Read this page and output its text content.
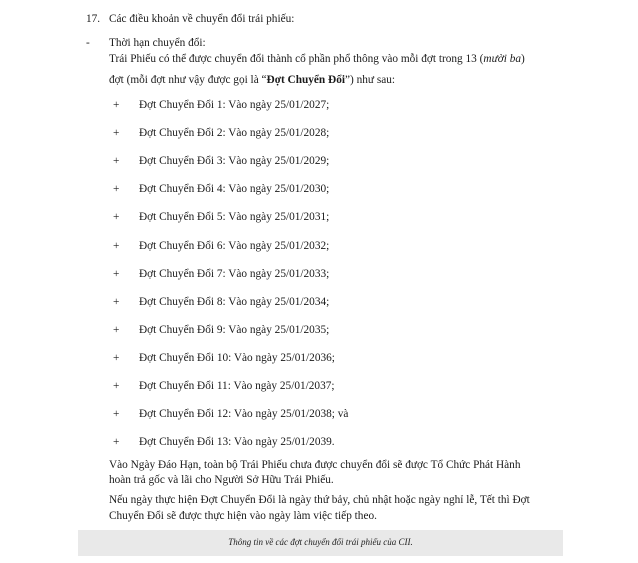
17. Các điều khoản về chuyển đổi trái phiếu:
- Thời hạn chuyển đổi:
Trái Phiếu có thể được chuyển đổi thành cổ phần phổ thông vào mỗi đợt trong 13 (mười ba)
đợt (mỗi đợt như vậy được gọi là “Đợt Chuyển Đổi”) như sau:
+ Đợt Chuyển Đổi 1: Vào ngày 25/01/2027;
+ Đợt Chuyển Đổi 2: Vào ngày 25/01/2028;
+ Đợt Chuyển Đổi 3: Vào ngày 25/01/2029;
+ Đợt Chuyển Đổi 4: Vào ngày 25/01/2030;
+ Đợt Chuyển Đổi 5: Vào ngày 25/01/2031;
+ Đợt Chuyển Đổi 6: Vào ngày 25/01/2032;
+ Đợt Chuyển Đổi 7: Vào ngày 25/01/2033;
+ Đợt Chuyển Đổi 8: Vào ngày 25/01/2034;
+ Đợt Chuyển Đổi 9: Vào ngày 25/01/2035;
+ Đợt Chuyển Đổi 10: Vào ngày 25/01/2036;
+ Đợt Chuyển Đổi 11: Vào ngày 25/01/2037;
+ Đợt Chuyển Đổi 12: Vào ngày 25/01/2038; và
+ Đợt Chuyển Đổi 13: Vào ngày 25/01/2039.
Vào Ngày Đáo Hạn, toàn bộ Trái Phiếu chưa được chuyển đổi sẽ được Tổ Chức Phát Hành
hoàn trả gốc và lãi cho Người Sở Hữu Trái Phiếu.
Nếu ngày thực hiện Đợt Chuyển Đổi là ngày thứ bảy, chủ nhật hoặc ngày nghỉ lễ, Tết thì Đợt
Chuyển Đổi sẽ được thực hiện vào ngày làm việc tiếp theo.
Thông tin về các đợt chuyển đổi trái phiếu của CII.
